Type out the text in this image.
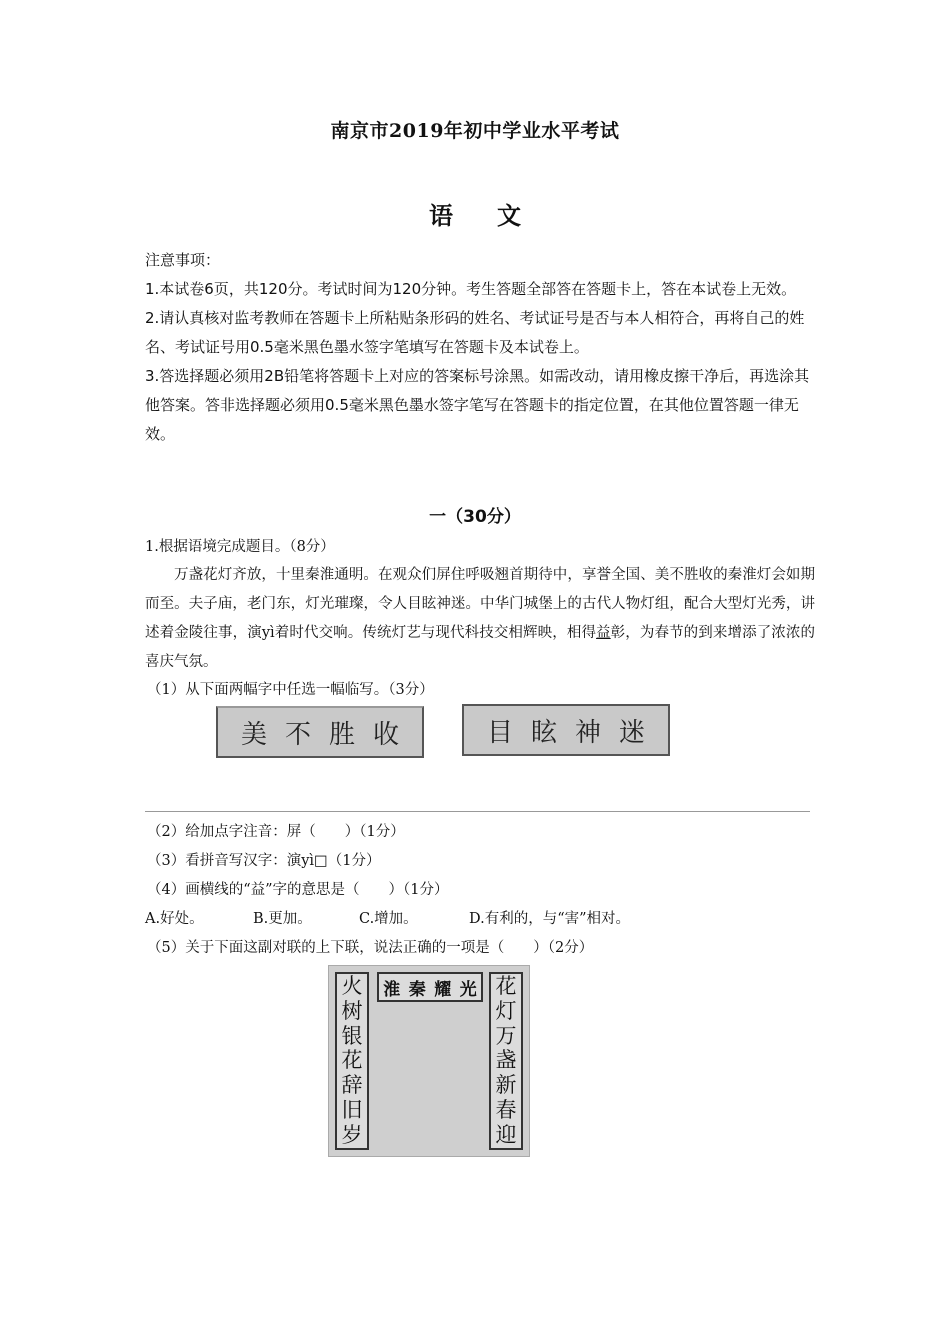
南京市2019年初中学业水平考试
语 文

注意事项：

1.本试卷6页，共120分。考试时间为120分钟。考生答题全部答在答题卡上，答在本试卷上无效。

2.请认真核对监考教师在答题卡上所粘贴条形码的姓名、考试证号是否与本人相符合，再将自己的姓名、考试证号用0.5毫米黑色墨水签字笔填写在答题卡及本试卷上。

3.答选择题必须用2B铅笔将答题卡上对应的答案标号涂黑。如需改动，请用橡皮擦干净后，再选涂其他答案。答非选择题必须用0.5毫米黑色墨水签字笔写在答题卡的指定位置，在其他位置答题一律无效。

一（30分）
1.根据语境完成题目。（8分）
万盏花灯齐放，十里秦淮通明。在观众们屏住呼吸翘首期待中，享誉全国、美不胜收的秦淮灯会如期而至。夫子庙，老门东，灯光璀璨，令人目眩神迷。中华门城堡上的古代人物灯组，配合大型灯光秀，讲述着金陵往事，演yì着时代交响。传统灯艺与现代科技交相辉映，相得益彰，为春节的到来增添了浓浓的喜庆气氛。
（1）从下面两幅字中任选一幅临写。（3分）
美 不 胜 收	目 眩 神 迷
（2）给加点字注音：屏（　　）（1分）
（3）看拼音写汉字：演yì□（1分）
（4）画横线的“益”字的意思是（　　）（1分）
A.好处。	B.更加。	C.增加。	D.有利的，与“害”相对。
（5）关于下面这副对联的上下联，说法正确的一项是（　　）（2分）
淮 秦 耀 光
火
树
银
花
辞
旧
岁
花
灯
万
盏
新
春
迎
